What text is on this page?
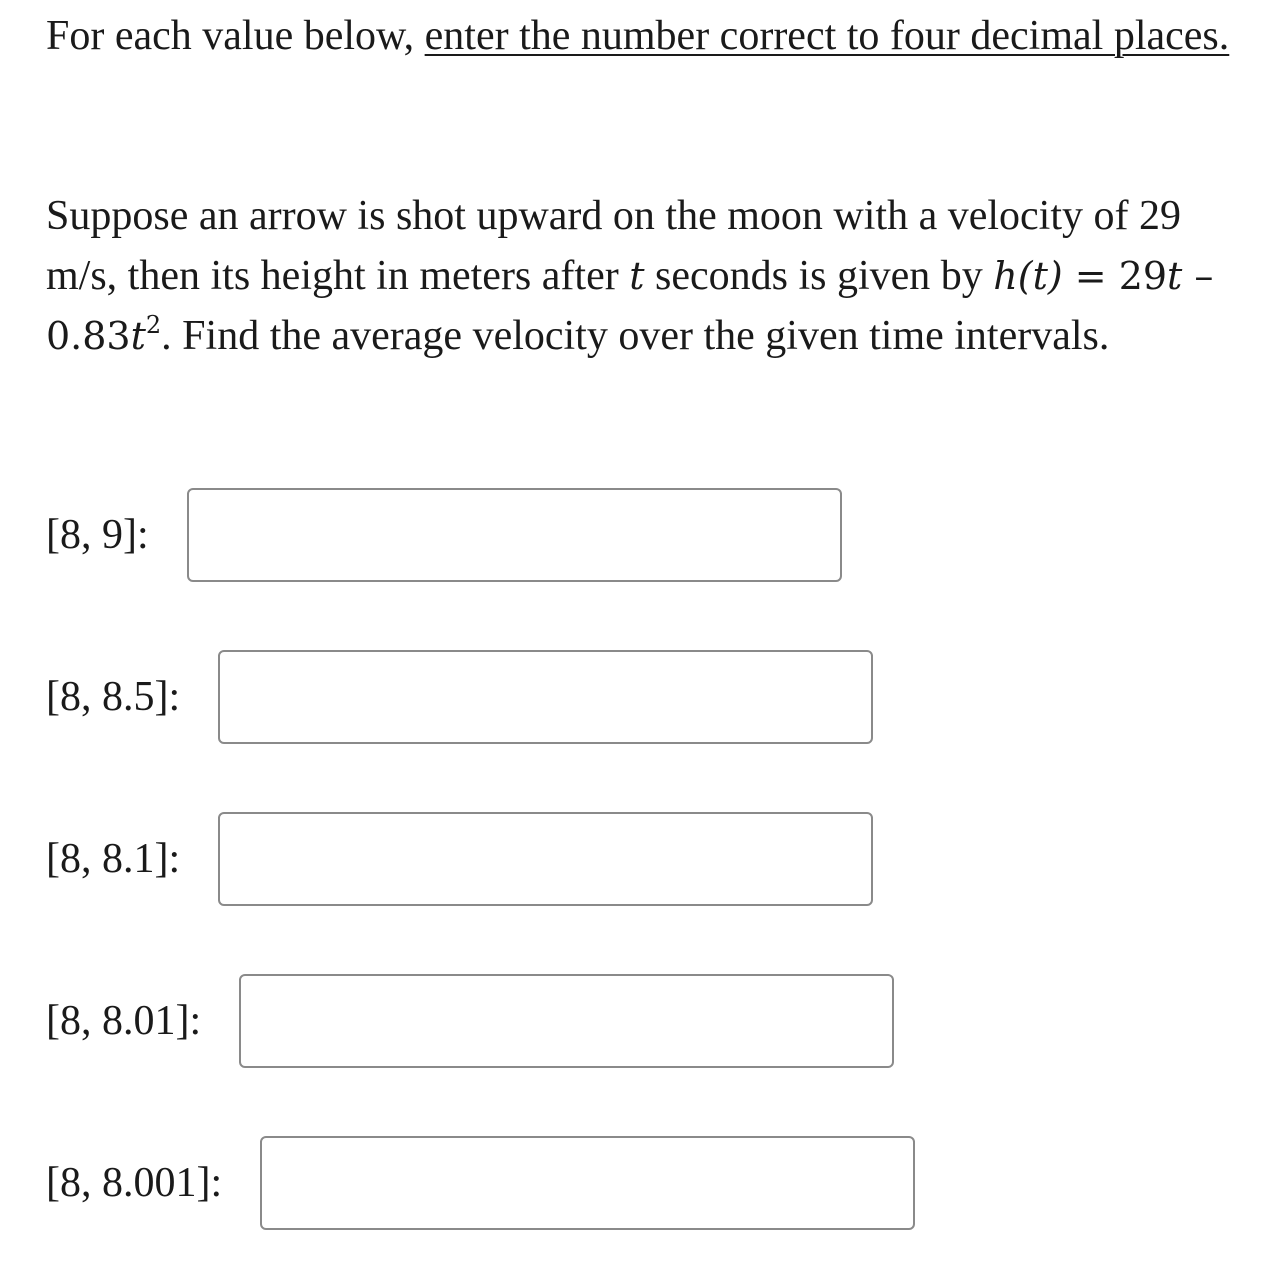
For each value below, enter the number correct to four decimal places.

Suppose an arrow is shot upward on the moon with a velocity of 29 m/s, then its height in meters after t seconds is given by $h(t) = 29t - 0.83t^2$. Find the average velocity over the given time intervals.

[8, 9]:
[8, 8.5]:
[8, 8.1]:
[8, 8.01]:
[8, 8.001]:
